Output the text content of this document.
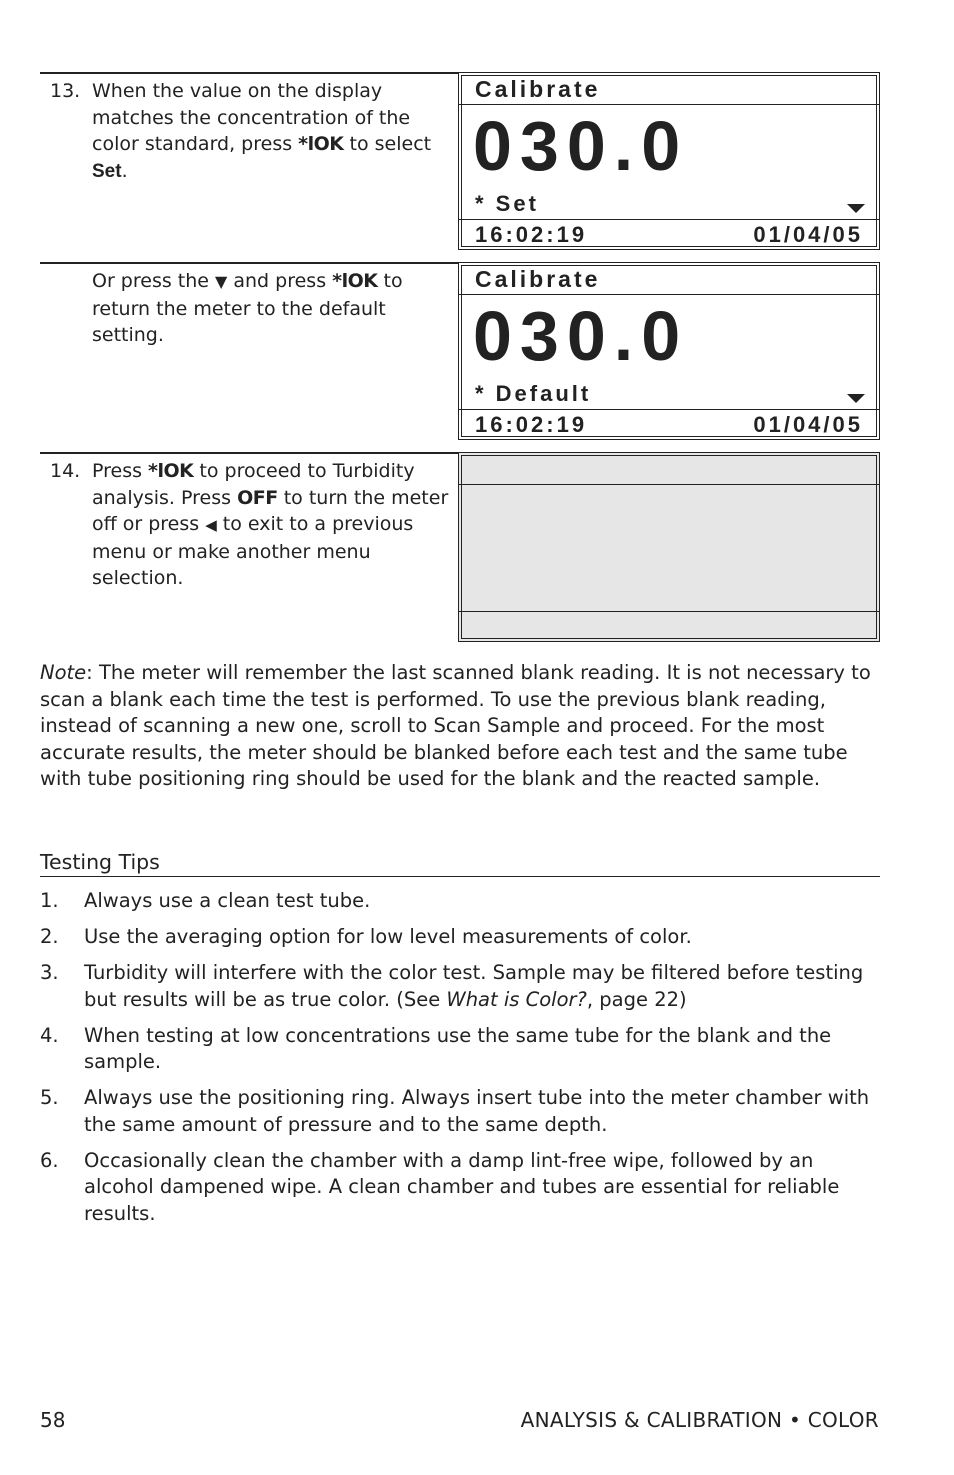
13. When the value on the display matches the concentration of the color standard, press *lOK to select Set.
Calibrate
030.0
* Set
16:02:19	01/04/05
Or press the ▼ and press *lOK to return the meter to the default setting.
Calibrate
030.0
* Default
16:02:19	01/04/05
14. Press *lOK to proceed to Turbidity analysis. Press OFF to turn the meter off or press ◀ to exit to a previous menu or make another menu selection.
Note: The meter will remember the last scanned blank reading. It is not necessary to scan a blank each time the test is performed. To use the previous blank reading, instead of scanning a new one, scroll to Scan Sample and proceed. For the most accurate results, the meter should be blanked before each test and the same tube with tube positioning ring should be used for the blank and the reacted sample.
Testing Tips
1. Always use a clean test tube.
2. Use the averaging option for low level measurements of color.
3. Turbidity will interfere with the color test. Sample may be filtered before testing but results will be as true color. (See What is Color?, page 22)
4. When testing at low concentrations use the same tube for the blank and the sample.
5. Always use the positioning ring. Always insert tube into the meter chamber with the same amount of pressure and to the same depth.
6. Occasionally clean the chamber with a damp lint-free wipe, followed by an alcohol dampened wipe. A clean chamber and tubes are essential for reliable results.
58	ANALYSIS & CALIBRATION • COLOR
